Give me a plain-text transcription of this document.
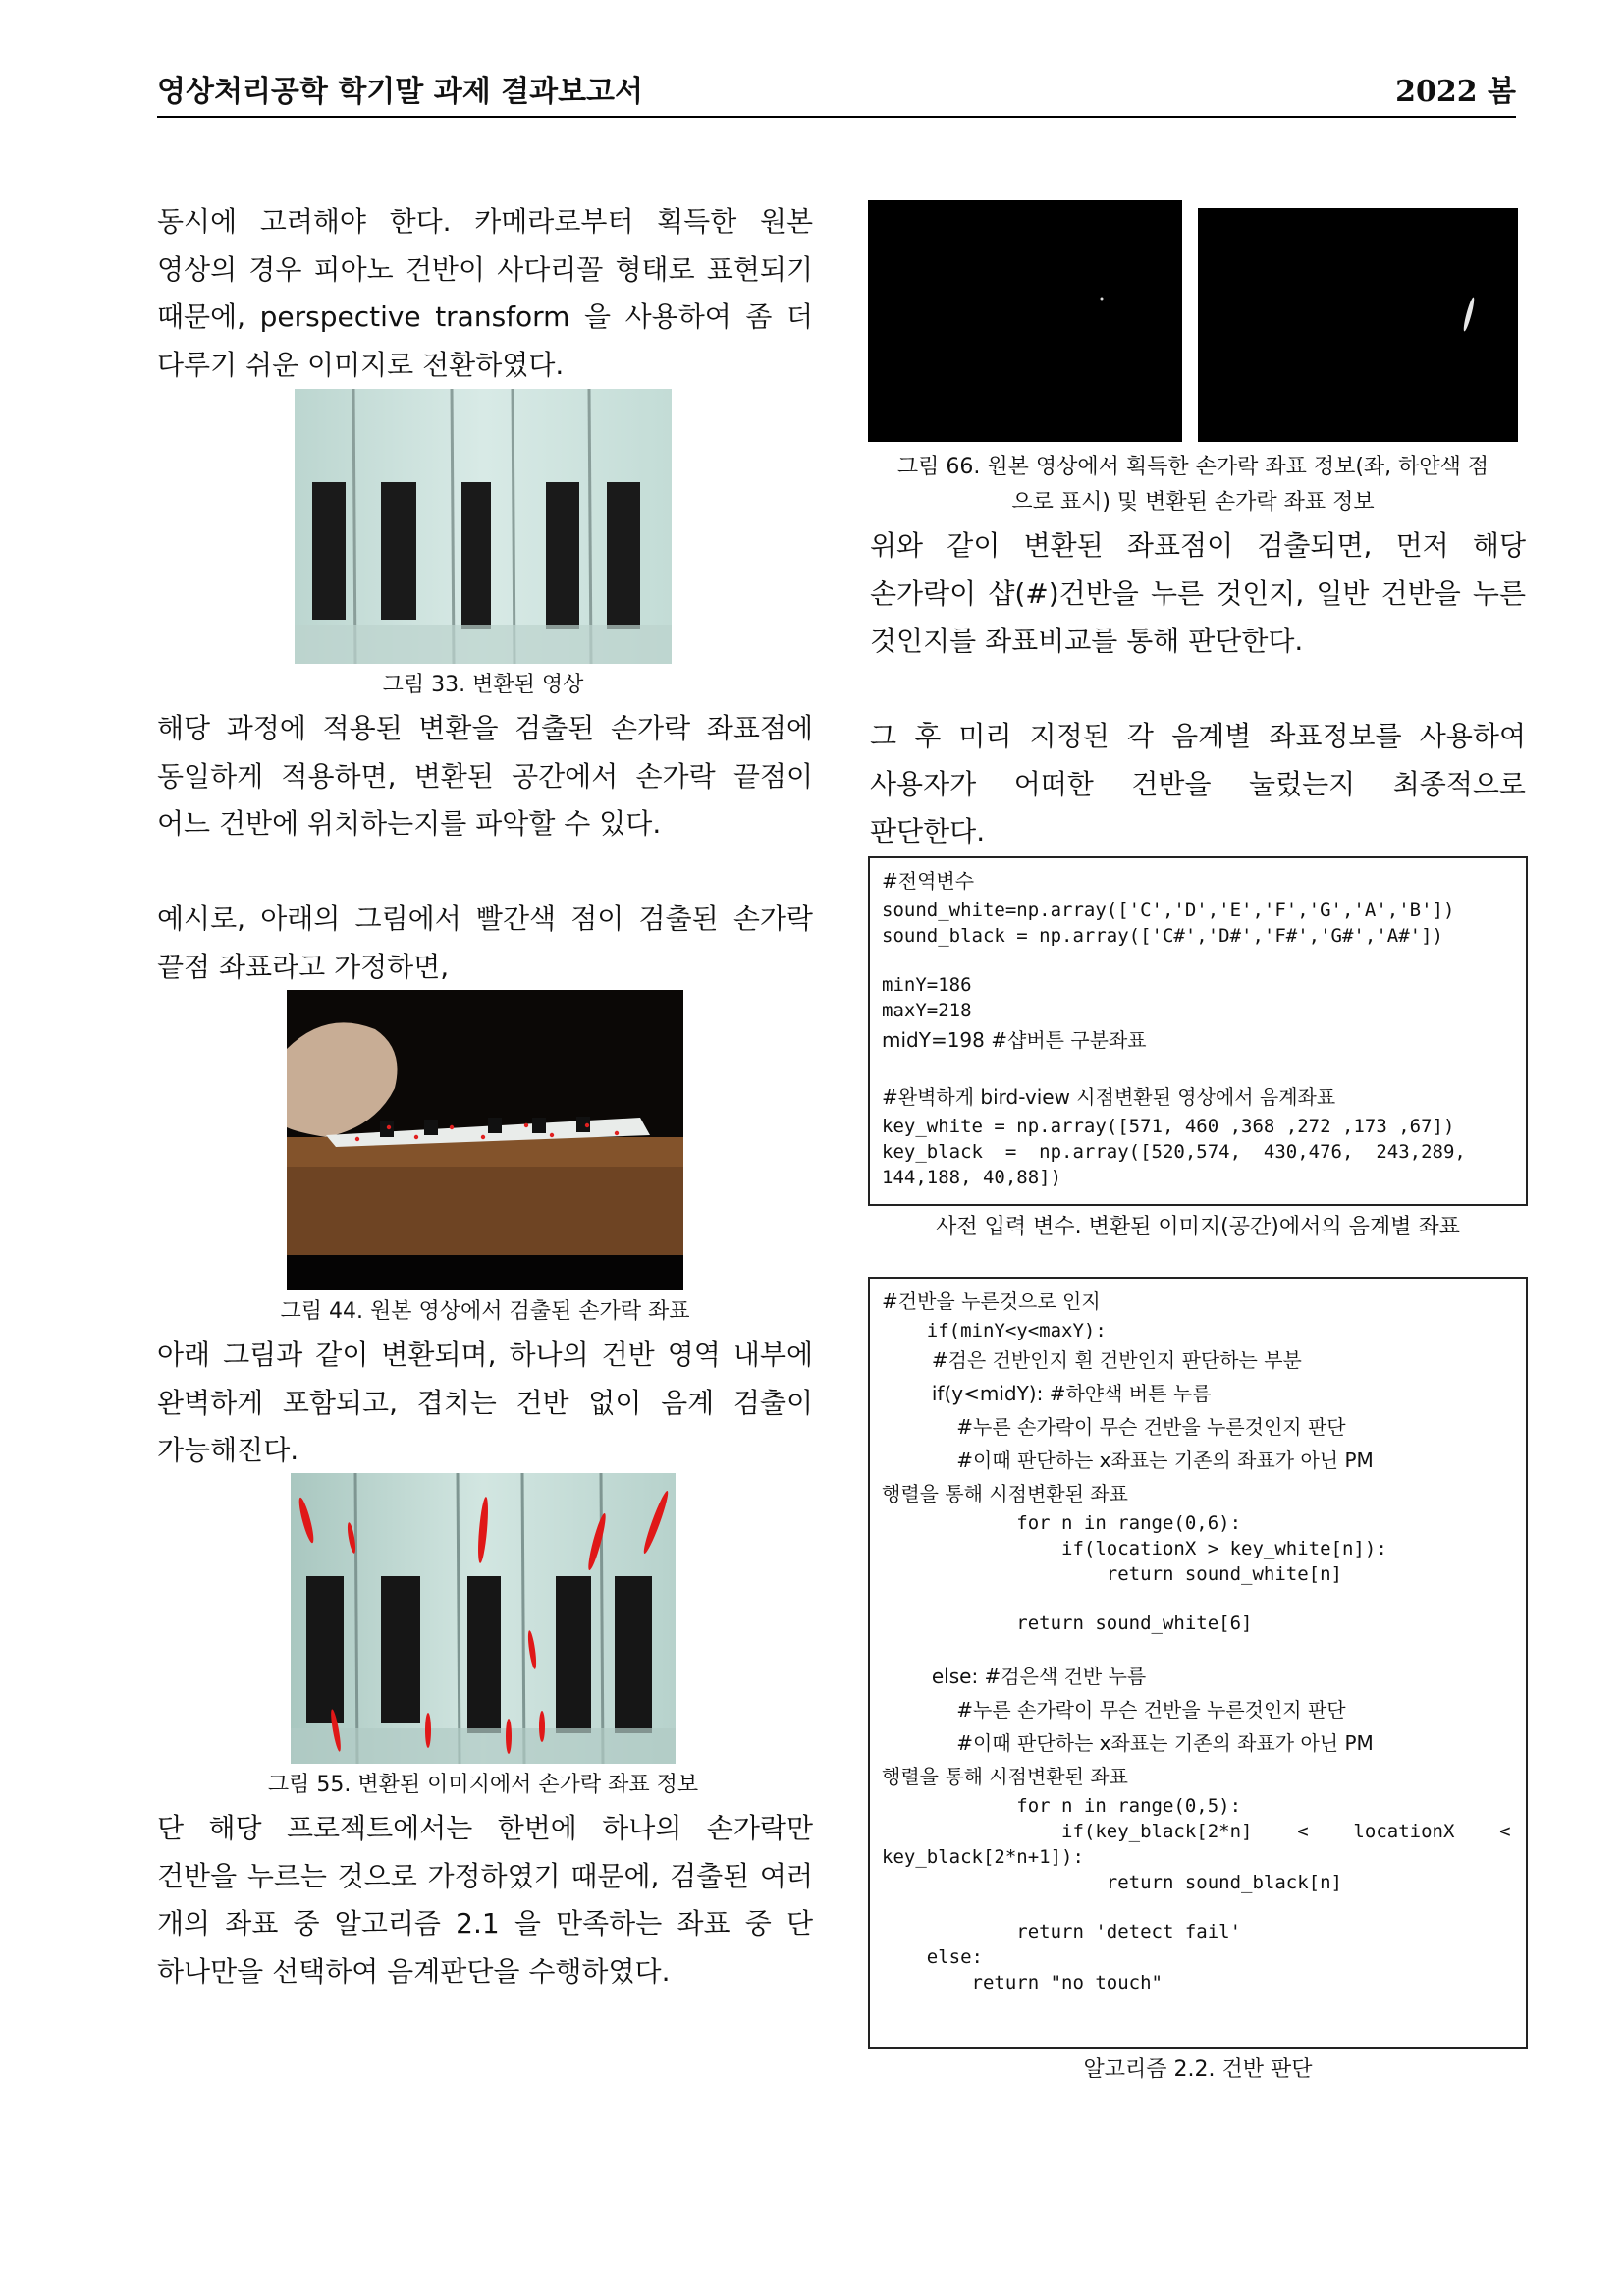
영상처리공학 학기말 과제 결과보고서	2022 봄

동시에 고려해야 한다. 카메라로부터 획득한 원본 영상의 경우 피아노 건반이 사다리꼴 형태로 표현되기 때문에, perspective transform 을 사용하여 좀 더 다루기 쉬운 이미지로 전환하였다.

그림 33. 변환된 영상

해당 과정에 적용된 변환을 검출된 손가락 좌표점에 동일하게 적용하면, 변환된 공간에서 손가락 끝점이 어느 건반에 위치하는지를 파악할 수 있다.

예시로, 아래의 그림에서 빨간색 점이 검출된 손가락 끝점 좌표라고 가정하면,

그림 44. 원본 영상에서 검출된 손가락 좌표

아래 그림과 같이 변환되며, 하나의 건반 영역 내부에 완벽하게 포함되고, 겹치는 건반 없이 음계 검출이 가능해진다.

그림 55. 변환된 이미지에서 손가락 좌표 정보

단 해당 프로젝트에서는 한번에 하나의 손가락만 건반을 누르는 것으로 가정하였기 때문에, 검출된 여러 개의 좌표 중 알고리즘 2.1 을 만족하는 좌표 중 단 하나만을 선택하여 음계판단을 수행하였다.

그림 66. 원본 영상에서 획득한 손가락 좌표 정보(좌, 하얀색 점

으로 표시) 및 변환된 손가락 좌표 정보

위와 같이 변환된 좌표점이 검출되면, 먼저 해당 손가락이 샵(#)건반을 누른 것인지, 일반 건반을 누른 것인지를 좌표비교를 통해 판단한다.

그 후 미리 지정된 각 음계별 좌표정보를 사용하여 사용자가 어떠한 건반을 눌렀는지 최종적으로 판단한다.

#전역변수
sound_white=np.array(['C','D','E','F','G','A','B'])
sound_black = np.array(['C#','D#','F#','G#','A#'])
minY=186
maxY=218
midY=198 #샵버튼 구분좌표
#완벽하게 bird-view 시점변환된 영상에서 음계좌표
key_white = np.array([571, 460 ,368 ,272 ,173 ,67])
key_black  =  np.array([520,574,  430,476,  243,289,
144,188, 40,88])

사전 입력 변수. 변환된 이미지(공간)에서의 음계별 좌표

#건반을 누른것으로 인지
if(minY<y<maxY):
#검은 건반인지 흰 건반인지 판단하는 부분
if(y<midY): #하얀색 버튼 누름
#누른 손가락이 무슨 건반을 누른것인지 판단
#이때 판단하는 x좌표는 기존의 좌표가 아닌 PM
행렬을 통해 시점변환된 좌표
for n in range(0,6):
if(locationX > key_white[n]):
return sound_white[n]
return sound_white[6]
else: #검은색 건반 누름
#누른 손가락이 무슨 건반을 누른것인지 판단
#이때 판단하는 x좌표는 기존의 좌표가 아닌 PM
행렬을 통해 시점변환된 좌표
for n in range(0,5):
if(key_black[2*n]    <    locationX    <
key_black[2*n+1]):
return sound_black[n]
return 'detect fail'
else:
return "no touch"

알고리즘 2.2. 건반 판단
